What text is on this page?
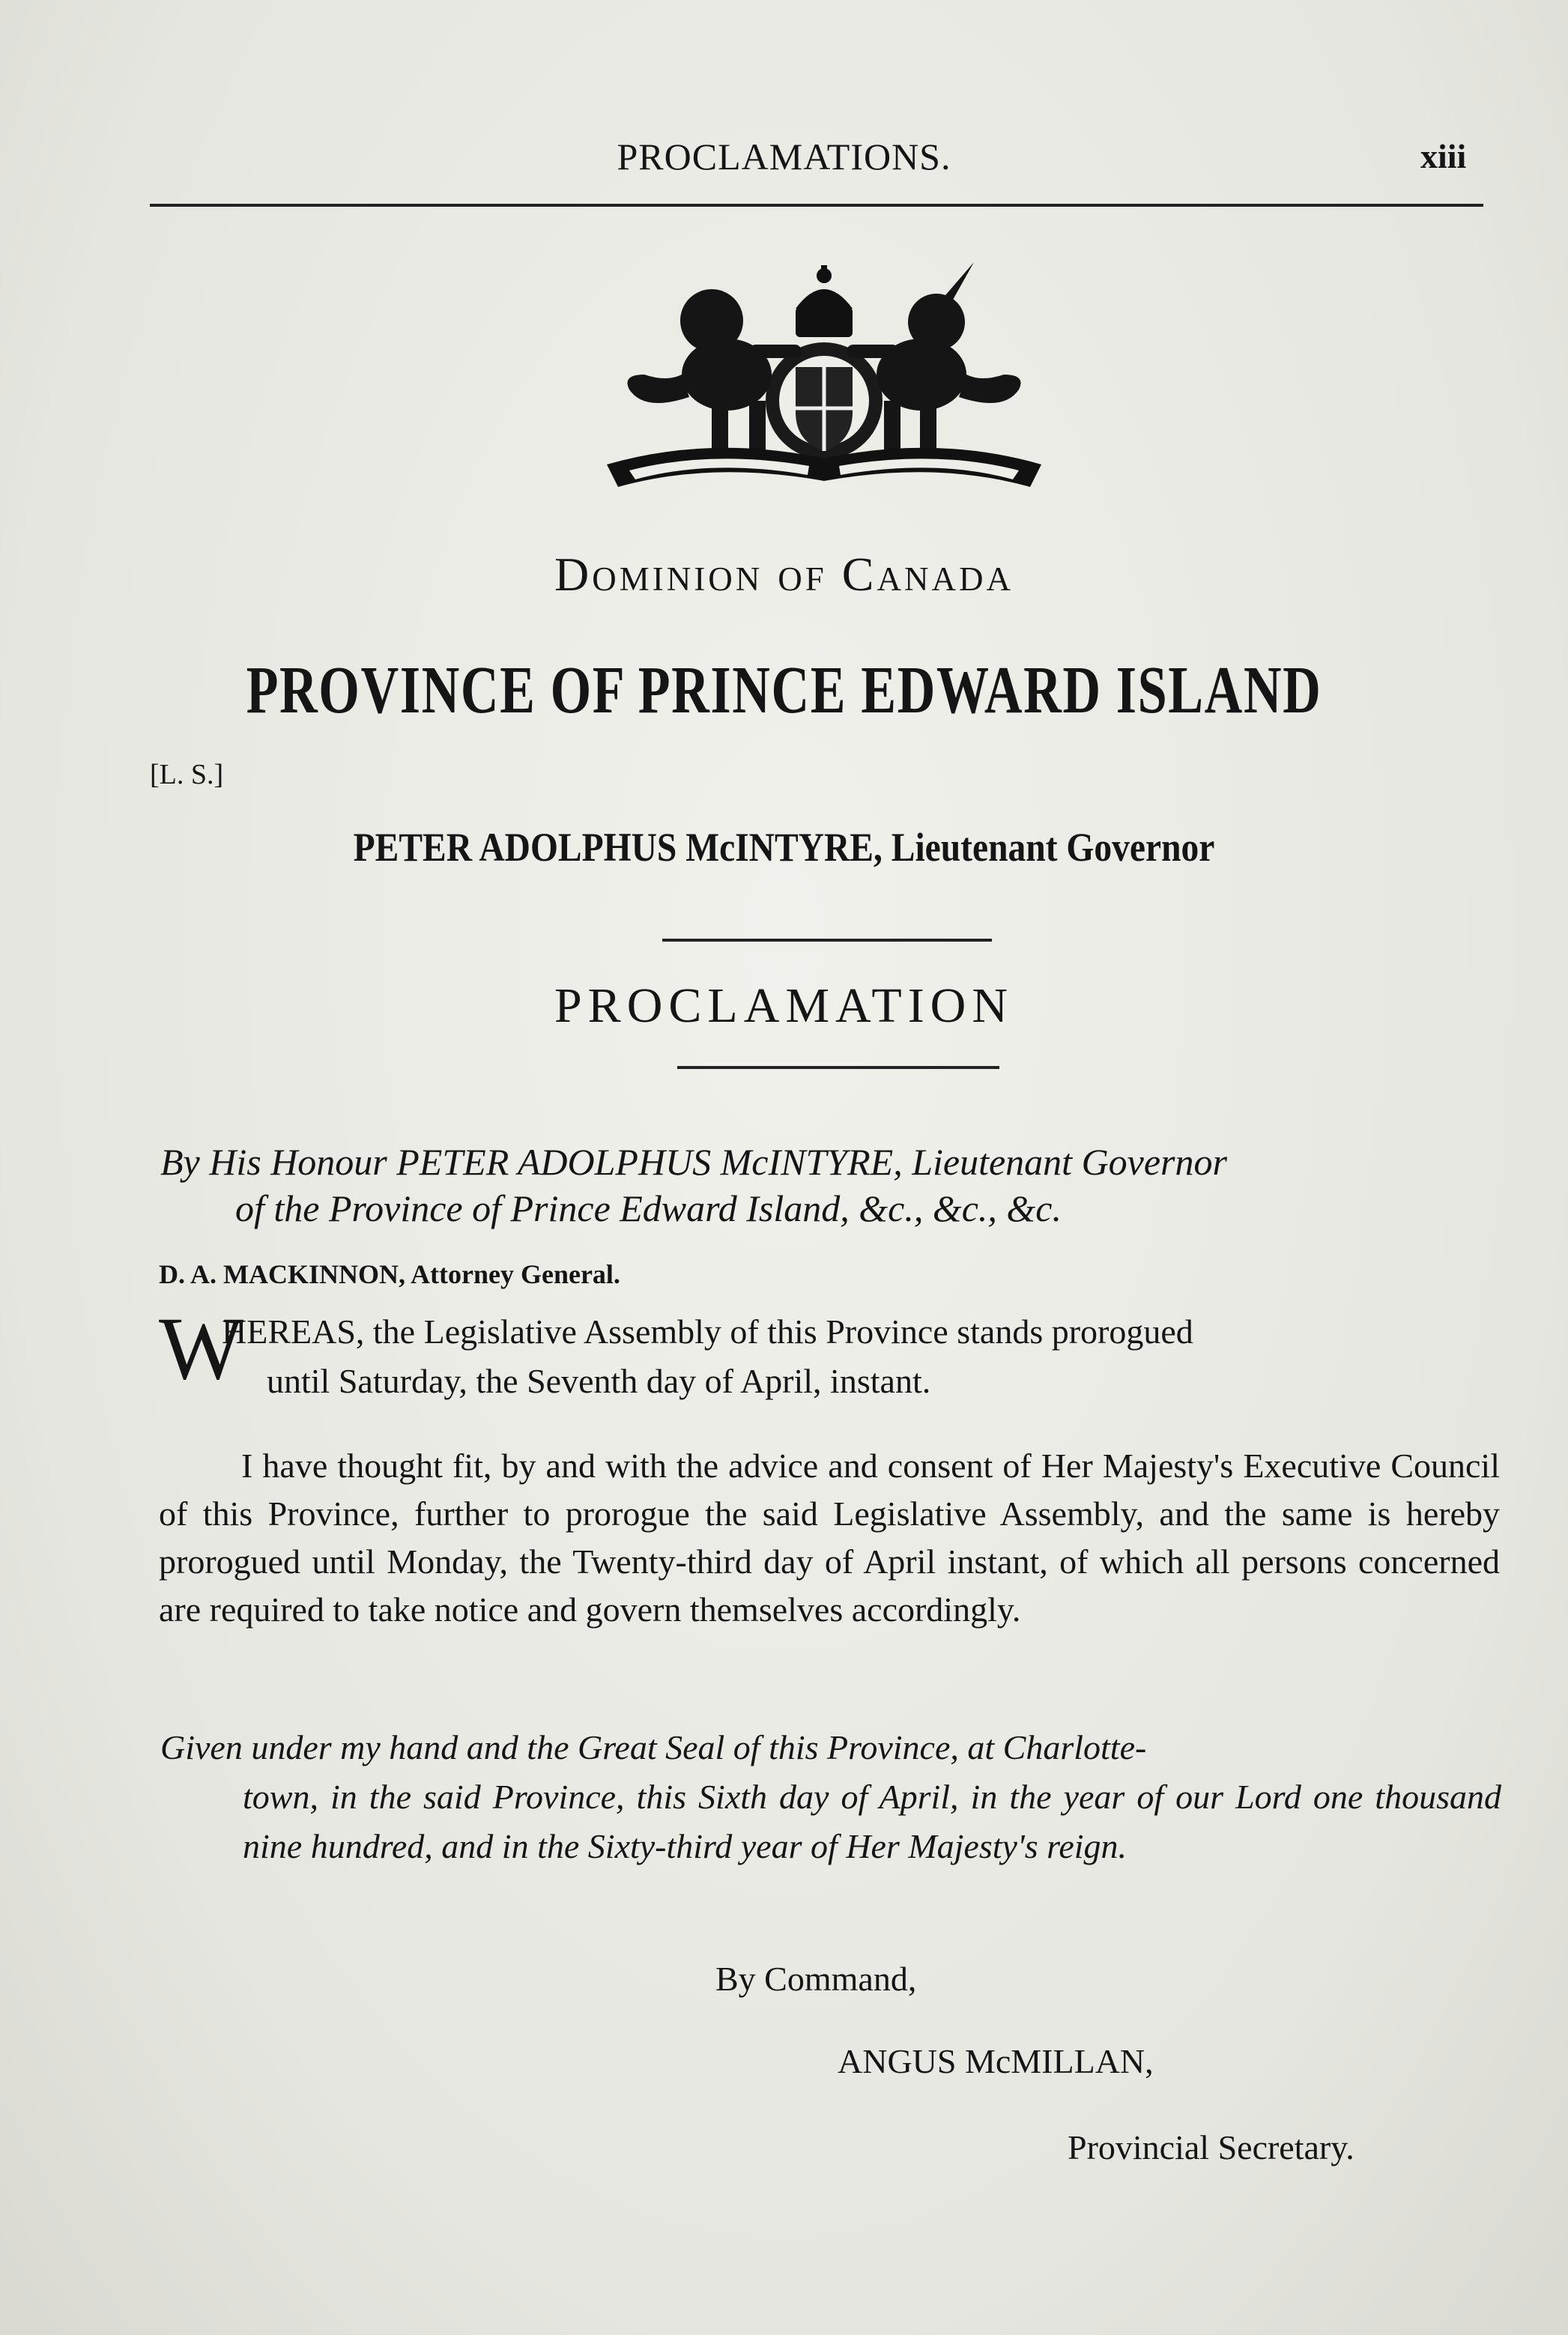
PROCLAMATIONS.	xiii
Dominion of Canada
PROVINCE OF PRINCE EDWARD ISLAND
[L. S.]
PETER ADOLPHUS McINTYRE, Lieutenant Governor
PROCLAMATION
By His Honour PETER ADOLPHUS McINTYRE, Lieutenant Governor
of the Province of Prince Edward Island, &c., &c., &c.
D. A. MACKINNON, Attorney General.
W
HEREAS, the Legislative Assembly of this Province stands prorogued
until Saturday, the Seventh day of April, instant.
I have thought fit, by and with the advice and consent of Her Majesty's Executive Council of this Province, further to prorogue the said Legislative Assembly, and the same is hereby prorogued until Monday, the Twenty-third day of April instant, of which all persons concerned are required to take notice and govern themselves accordingly.
Given under my hand and the Great Seal of this Province, at Charlotte-
town, in the said Province, this Sixth day of April, in the year of our Lord one thousand nine hundred, and in the Sixty-third year of Her Majesty's reign.
By Command,
ANGUS McMILLAN,
Provincial Secretary.
